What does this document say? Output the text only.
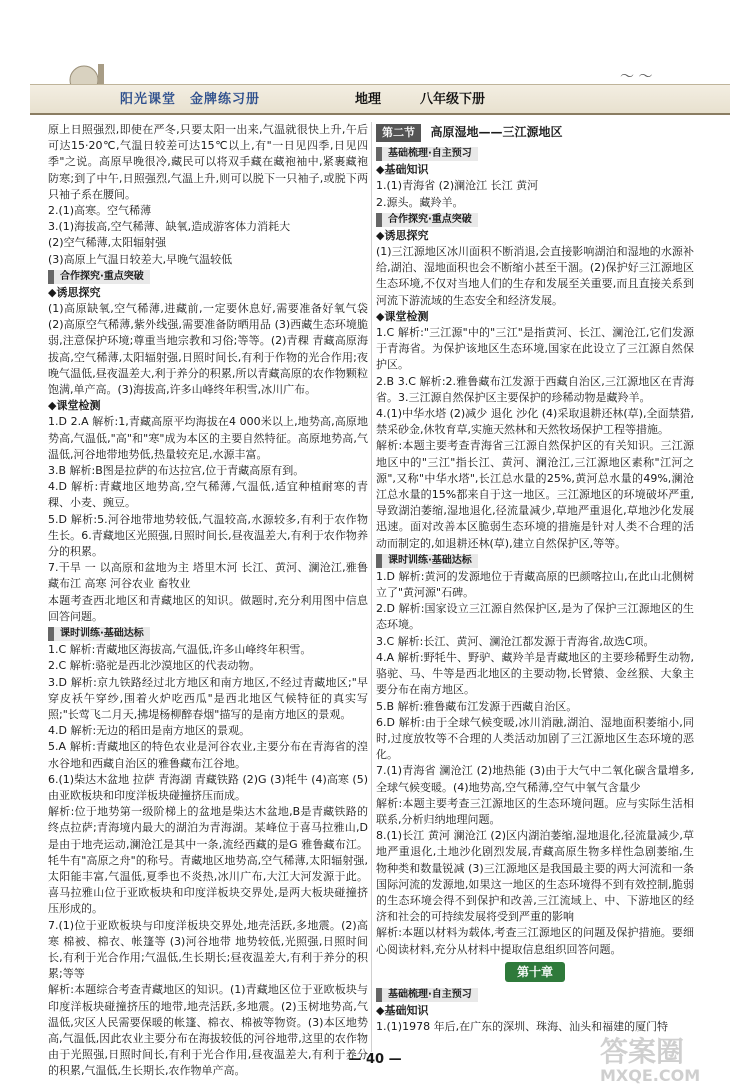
阳光课堂　金牌练习册	地理	八年级下册
〜 〜

原上日照强烈,即使在严冬,只要太阳一出来,气温就很快上升,午后可达15·20℃,气温日较差可达15℃以上,有"一日见四季,日见四季"之说。高原早晚很冷,藏民可以将双手藏在藏袍袖中,紧裹藏袍防寒;到了中午,日照强烈,气温上升,则可以脱下一只袖子,或脱下两只袖子系在腰间。

2.(1)高寒。空气稀薄

3.(1)海拔高,空气稀薄、缺氧,造成游客体力消耗大

(2)空气稀薄,太阳辐射强

(3)高原上气温日较差大,早晚气温较低

合作探究·重点突破

◆诱思探究

(1)高原缺氧,空气稀薄,进藏前,一定要休息好,需要准备好氧气袋 (2)高原空气稀薄,紫外线强,需要准备防晒用品 (3)西藏生态环境脆弱,注意保护环境;尊重当地宗教和习俗;等等。(2)青稞 青藏高原海拔高,空气稀薄,太阳辐射强,日照时间长,有利于作物的光合作用;夜晚气温低,昼夜温差大,利于养分的积累,所以青藏高原的农作物颗粒饱满,单产高。(3)海拔高,许多山峰终年积雪,冰川广布。

◆课堂检测

1.D 2.A 解析:1,青藏高原平均海拔在4 000米以上,地势高,高原地势高,气温低,"高"和"寒"成为本区的主要自然特征。高原地势高,气温低,河谷地带地势低,热量较充足,水源丰富。

3.B 解析:B图是拉萨的布达拉宫,位于青藏高原有到。

4.D 解析:青藏地区地势高,空气稀薄,气温低,适宜种植耐寒的青稞、小麦、豌豆。

5.D 解析:5.河谷地带地势较低,气温较高,水源较多,有利于农作物生长。6.青藏地区光照强,日照时间长,昼夜温差大,有利于农作物养分的积累。

7.干旱 一 以高原和盆地为主 塔里木河 长江、黄河、澜沧江,雅鲁藏布江 高寒 河谷农业 畜牧业

本题考查西北地区和青藏地区的知识。做题时,充分利用图中信息回答问题。

课时训练·基础达标

1.C 解析:青藏地区海拔高,气温低,许多山峰终年积雪。

2.C 解析:骆驼是西北沙漠地区的代表动物。

3.D 解析:京九铁路经过北方地区和南方地区,不经过青藏地区;"早穿皮袄午穿纱,围着火炉吃西瓜"是西北地区气候特征的真实写照;"长莺飞二月天,拂堤杨柳醉春烟"描写的是南方地区的景观。

4.D 解析:无边的稻田是南方地区的景观。

5.A 解析:青藏地区的特色农业是河谷农业,主要分布在青海省的湟水谷地和西藏自治区的雅鲁藏布江谷地。

6.(1)柴达木盆地 拉萨 青海湖 青藏铁路 (2)G (3)牦牛 (4)高寒 (5)由亚欧板块和印度洋板块碰撞挤压而成。

解析:位于地势第一级阶梯上的盆地是柴达木盆地,B是青藏铁路的终点拉萨;青海境内最大的湖泊为青海湖。某峰位于喜马拉雅山,D是由于地壳运动,澜沧江是其中一条,流经西藏的是G 雅鲁藏布江。牦牛有"高原之舟"的称号。青藏地区地势高,空气稀薄,太阳辐射强,太阳能丰富,气温低,夏季也不炎热,冰川广布,大江大河发源于此。喜马拉雅山位于亚欧板块和印度洋板块交界处,是两大板块碰撞挤压形成的。

7.(1)位于亚欧板块与印度洋板块交界处,地壳活跃,多地震。(2)高寒 棉被、棉衣、帐篷等 (3)河谷地带 地势较低,光照强,日照时间长,有利于光合作用;气温低,生长期长;昼夜温差大,有利于养分的积累;等等

解析:本题综合考查青藏地区的知识。(1)青藏地区位于亚欧板块与印度洋板块碰撞挤压的地带,地壳活跃,多地震。(2)玉树地势高,气温低,灾区人民需要保暖的帐篷、棉衣、棉被等物资。(3)本区地势高,气温低,因此农业主要分布在海拔较低的河谷地带,这里的农作物由于光照强,日照时间长,有利于光合作用,昼夜温差大,有利于养分的积累,气温低,生长期长,农作物单产高。

第二节 高原湿地——三江源地区
基础梳理·自主预习

◆基础知识

1.(1)青海省 (2)澜沧江 长江 黄河

2.源头。藏羚羊。

合作探究·重点突破

◆诱思探究

(1)三江源地区冰川面积不断消退,会直接影响湖泊和湿地的水源补给,湖泊、湿地面积也会不断缩小甚至干涸。(2)保护好三江源地区生态环境,不仅对当地人们的生存和发展至关重要,而且直接关系到河流下游流域的生态安全和经济发展。

◆课堂检测

1.C 解析:"三江源"中的"三江"是指黄河、长江、澜沧江,它们发源于青海省。为保护该地区生态环境,国家在此设立了三江源自然保护区。

2.B 3.C 解析:2.雅鲁藏布江发源于西藏自治区,三江源地区在青海省。3.三江源自然保护区主要保护的珍稀动物是藏羚羊。

4.(1)中华水塔 (2)减少 退化 沙化 (4)采取退耕还林(草),全面禁猎,禁采砂金,休牧育草,实施天然林和天然牧场保护工程等措施。

解析:本题主要考查青海省三江源自然保护区的有关知识。三江源地区中的"三江"指长江、黄河、澜沧江,三江源地区素称"江河之源",又称"中华水塔",长江总水量的25%,黄河总水量的49%,澜沧江总水量的15%都来自于这一地区。三江源地区的环境破坏严重,导致湖泊萎缩,湿地退化,径流量减少,草地严重退化,草地沙化发展迅速。面对改善本区脆弱生态环境的措施是针对人类不合理的活动而制定的,如退耕还林(草),建立自然保护区,等等。

课时训练·基础达标

1.D 解析:黄河的发源地位于青藏高原的巴颜喀拉山,在此山北侧树立了"黄河源"石碑。

2.D 解析:国家设立三江源自然保护区,是为了保护三江源地区的生态环境。

3.C 解析:长江、黄河、澜沧江都发源于青海省,故选C项。

4.A 解析:野牦牛、野驴、藏羚羊是青藏地区的主要珍稀野生动物,骆驼、马、牛等是西北地区的主要动物,长臂猿、金丝猴、大象主要分布在南方地区。

5.B 解析:雅鲁藏布江发源于西藏自治区。

6.D 解析:由于全球气候变暖,冰川消融,湖泊、湿地面积萎缩小,同时,过度放牧等不合理的人类活动加剧了三江源地区生态环境的恶化。

7.(1)青海省 澜沧江 (2)地热能 (3)由于大气中二氧化碳含量增多,全球气候变暖。(4)地势高,空气稀薄,空气中氧气含量少

解析:本题主要考查三江源地区的生态环境问题。应与实际生活相联系,分析归纳地理问题。

8.(1)长江 黄河 澜沧江 (2)区内湖泊萎缩,湿地退化,径流量减少,草地严重退化,土地沙化剧烈发展,青藏高原生物多样性急剧萎缩,生物种类和数量锐减 (3)三江源地区是我国最主要的两大河流和一条国际河流的发源地,如果这一地区的生态环境得不到有效控制,脆弱的生态环境会得不到保护和改善,三江流域上、中、下游地区的经济和社会的可持续发展将受到严重的影响

解析:本题以材料为载体,考查三江源地区的问题及保护措施。要细心阅读材料,充分从材料中提取信息组织回答问题。

第十章
基础梳理·自主预习

◆基础知识

1.(1)1978 年后,在广东的深圳、珠海、汕头和福建的厦门特

— 40 —	答案圈
MXQE.COM
